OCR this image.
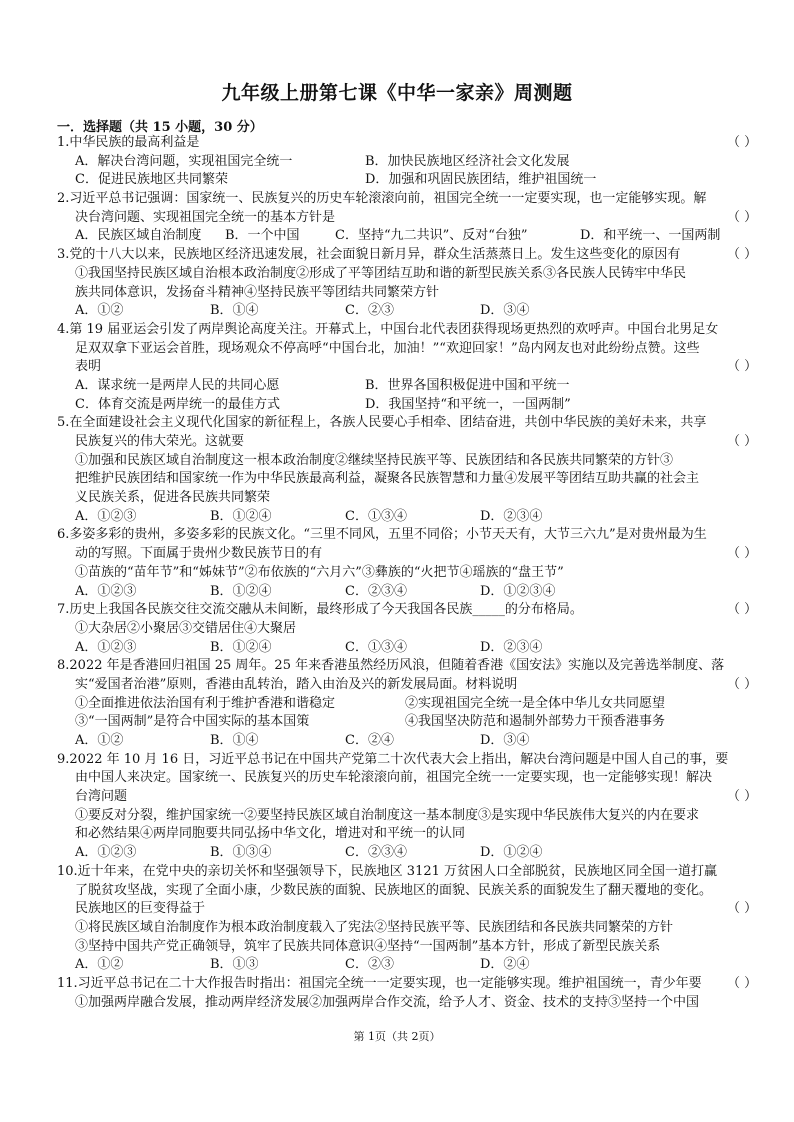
九年级上册第七课《中华一家亲》周测题
一．选择题（共 15 小题，30 分）
1.中华民族的最高利益是	（ ）
A．解决台湾问题，实现祖国完全统一	B．加快民族地区经济社会文化发展
C．促进民族地区共同繁荣	D．加强和巩固民族团结，维护祖国统一
2.习近平总书记强调：国家统一、民族复兴的历史车轮滚滚向前，祖国完全统一一定要实现，也一定能够实现。解
决台湾问题、实现祖国完全统一的基本方针是	（ ）
A．民族区域自治制度	B．一个中国	C．坚持“九二共识”、反对“台独”	D．和平统一、一国两制
3.党的十八大以来，民族地区经济迅速发展，社会面貌日新月异，群众生活蒸蒸日上。发生这些变化的原因有	（ ）
①我国坚持民族区域自治根本政治制度②形成了平等团结互助和谐的新型民族关系③各民族人民铸牢中华民
族共同体意识，发扬奋斗精神④坚持民族平等团结共同繁荣方针
A．①②	B．①④	C．②③	D．③④
4.第 19 届亚运会引发了两岸舆论高度关注。开幕式上，中国台北代表团获得现场更热烈的欢呼声。中国台北男足女
足双双拿下亚运会首胜，现场观众不停高呼“中国台北，加油！”“欢迎回家！”岛内网友也对此纷纷点赞。这些
表明	（ ）
A．谋求统一是两岸人民的共同心愿	B．世界各国积极促进中国和平统一
C．体育交流是两岸统一的最佳方式	D．我国坚持“和平统一，一国两制”
5.在全面建设社会主义现代化国家的新征程上，各族人民要心手相牵、团结奋进，共创中华民族的美好未来，共享
民族复兴的伟大荣光。这就要	（ ）
①加强和民族区域自治制度这一根本政治制度②继续坚持民族平等、民族团结和各民族共同繁荣的方针③
把维护民族团结和国家统一作为中华民族最高利益，凝聚各民族智慧和力量④发展平等团结互助共赢的社会主
义民族关系，促进各民族共同繁荣
A．①②③	B．①②④	C．①③④	D．②③④
6.多姿多彩的贵州，多姿多彩的民族文化。“三里不同风，五里不同俗；小节天天有，大节三六九”是对贵州最为生
动的写照。下面属于贵州少数民族节日的有	（ ）
①苗族的“苗年节”和“姊妹节”②布依族的“六月六”③彝族的“火把节④瑶族的“盘王节”
A．①②③	B．①②④	C．②③④	D．①②③④
7.历史上我国各民族交往交流交融从未间断，最终形成了今天我国各民族_____的分布格局。	（ ）
①大杂居②小聚居③交错居住④大聚居
A．①②③	B．①②④	C．①③④	D．②③④
8.2022 年是香港回归祖国 25 周年。25 年来香港虽然经历风浪，但随着香港《国安法》实施以及完善选举制度、落
实“爱国者治港”原则，香港由乱转治，踏入由治及兴的新发展局面。材料说明	（ ）
①全面推进依法治国有利于维护香港和谐稳定	②实现祖国完全统一是全体中华儿女共同愿望
③“一国两制”是符合中国实际的基本国策	④我国坚决防范和遏制外部势力干预香港事务
A．①②	B．①④	C．②④	D．③④
9.2022 年 10 月 16 日，习近平总书记在中国共产党第二十次代表大会上指出，解决台湾问题是中国人自己的事，要
由中国人来决定。国家统一、民族复兴的历史车轮滚滚向前，祖国完全统一一定要实现，也一定能够实现！解决
台湾问题	（ ）
①要反对分裂，维护国家统一②要坚持民族区域自治制度这一基本制度③是实现中华民族伟大复兴的内在要求
和必然结果④两岸同胞要共同弘扬中华文化，增进对和平统一的认同
A．①②③	B．①③④	C．②③④	D．①②④
10.近十年来，在党中央的亲切关怀和坚强领导下，民族地区 3121 万贫困人口全部脱贫，民族地区同全国一道打赢
了脱贫攻坚战，实现了全面小康，少数民族的面貌、民族地区的面貌、民族关系的面貌发生了翻天覆地的变化。
民族地区的巨变得益于	（ ）
①将民族区域自治制度作为根本政治制度载入了宪法②坚持民族平等、民族团结和各民族共同繁荣的方针
③坚持中国共产党正确领导，筑牢了民族共同体意识④坚持“一国两制”基本方针，形成了新型民族关系
A．①②	B．①③	C．②③	D．②④
11.习近平总书记在二十大作报告时指出：祖国完全统一一定要实现，也一定能够实现。维护祖国统一，青少年要 （ ）
①加强两岸融合发展，推动两岸经济发展②加强两岸合作交流，给予人才、资金、技术的支持③坚持一个中国
第 1页（共 2页）
